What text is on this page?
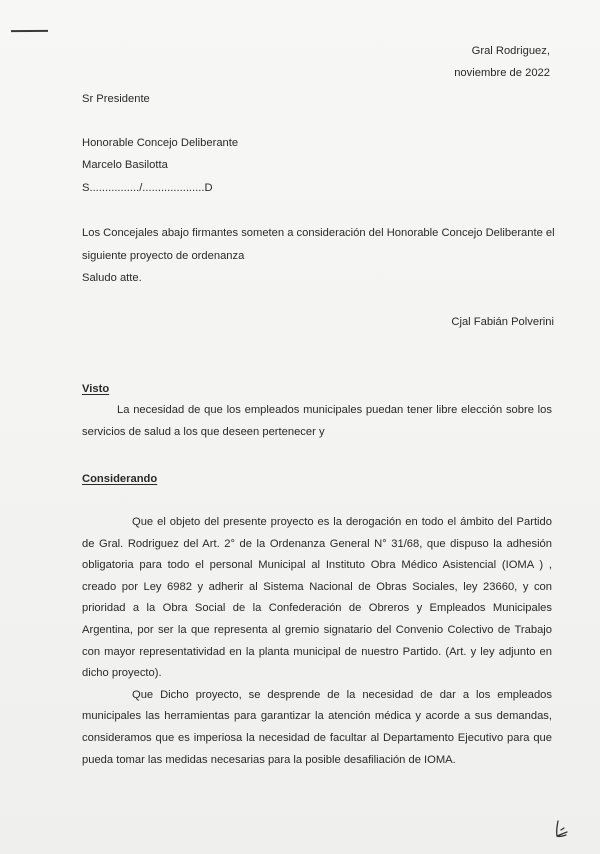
Gral Rodriguez,
noviembre de 2022
Sr Presidente
Honorable Concejo Deliberante
Marcelo Basilotta
S................/....................D
Los Concejales abajo firmantes someten a consideración del Honorable Concejo Deliberante el
siguiente proyecto de ordenanza
Saludo atte.
Cjal Fabián Polverini
Visto
La necesidad de que los empleados municipales puedan tener libre elección sobre los servicios de salud a los que deseen pertenecer y
Considerando

Que el objeto del presente proyecto es la derogación en todo el ámbito del Partido de Gral. Rodriguez del Art. 2° de la Ordenanza General N° 31/68, que dispuso la adhesión obligatoria para todo el personal Municipal al Instituto Obra Médico Asistencial (IOMA ) , creado por Ley 6982 y adherir al Sistema Nacional de Obras Sociales, ley 23660, y con prioridad a la Obra Social de la Confederación de Obreros y Empleados Municipales Argentina, por ser la que representa al gremio signatario del Convenio Colectivo de Trabajo con mayor representatividad en la planta municipal de nuestro Partido. (Art. y ley adjunto en dicho proyecto).

Que Dicho proyecto, se desprende de la necesidad de dar a los empleados municipales las herramientas para garantizar la atención médica y acorde a sus demandas, consideramos que es imperiosa la necesidad de facultar al Departamento Ejecutivo para que pueda tomar las medidas necesarias para la posible desafiliación de IOMA.
